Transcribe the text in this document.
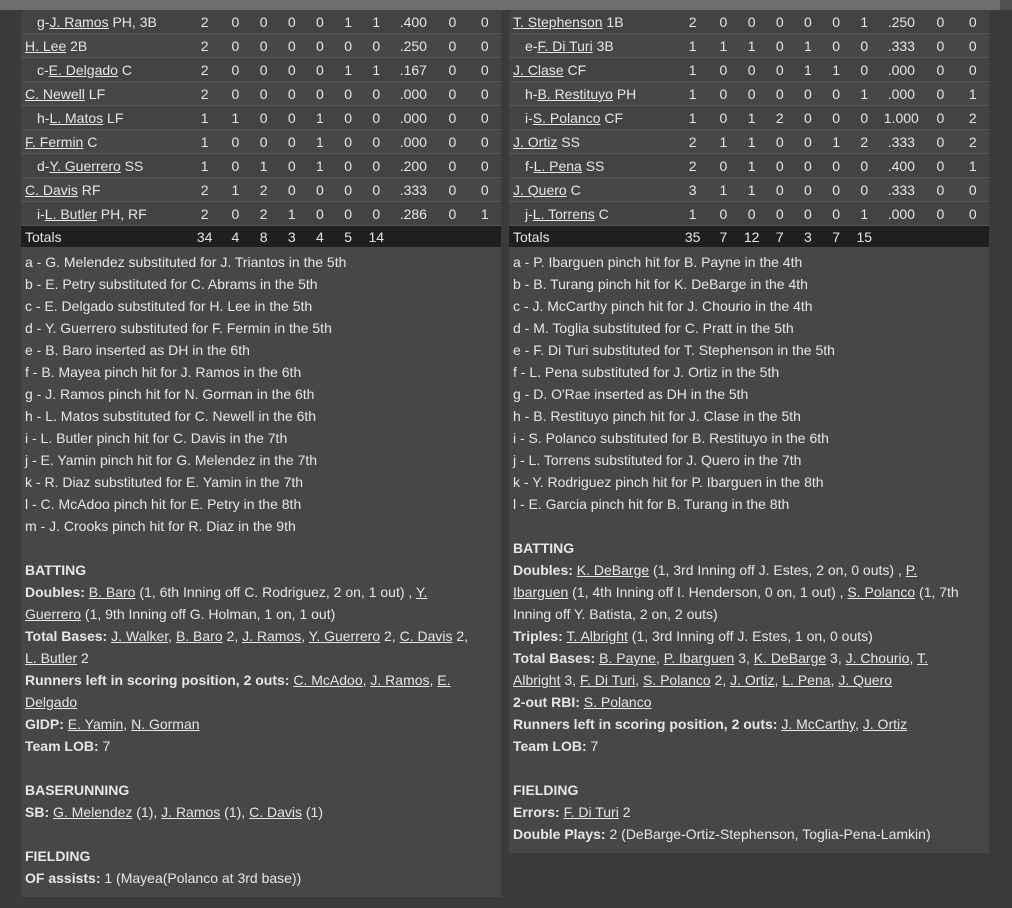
g-J. Ramos PH, 3B	2	0	0	0	0	1	1	.400	0	0
H. Lee 2B	2	0	0	0	0	0	0	.250	0	0
c-E. Delgado C	2	0	0	0	0	1	1	.167	0	0
C. Newell LF	2	0	0	0	0	0	0	.000	0	0
h-L. Matos LF	1	1	0	0	1	0	0	.000	0	0
F. Fermin C	1	0	0	0	1	0	0	.000	0	0
d-Y. Guerrero SS	1	0	1	0	1	0	0	.200	0	0
C. Davis RF	2	1	2	0	0	0	0	.333	0	0
i-L. Butler PH, RF	2	0	2	1	0	0	0	.286	0	1
Totals	34	4	8	3	4	5	14			
a - G. Melendez substituted for J. Triantos in the 5th
b - E. Petry substituted for C. Abrams in the 5th
c - E. Delgado substituted for H. Lee in the 5th
d - Y. Guerrero substituted for F. Fermin in the 5th
e - B. Baro inserted as DH in the 6th
f - B. Mayea pinch hit for J. Ramos in the 6th
g - J. Ramos pinch hit for N. Gorman in the 6th
h - L. Matos substituted for C. Newell in the 6th
i - L. Butler pinch hit for C. Davis in the 7th
j - E. Yamin pinch hit for G. Melendez in the 7th
k - R. Diaz substituted for E. Yamin in the 7th
l - C. McAdoo pinch hit for E. Petry in the 8th
m - J. Crooks pinch hit for R. Diaz in the 9th
BATTING
Doubles: B. Baro (1, 6th Inning off C. Rodriguez, 2 on, 1 out) , Y.
Guerrero (1, 9th Inning off G. Holman, 1 on, 1 out)
Total Bases: J. Walker, B. Baro 2, J. Ramos, Y. Guerrero 2, C. Davis 2,
L. Butler 2
Runners left in scoring position, 2 outs: C. McAdoo, J. Ramos, E.
Delgado
GIDP: E. Yamin, N. Gorman
Team LOB: 7
BASERUNNING
SB: G. Melendez (1), J. Ramos (1), C. Davis (1)
FIELDING
OF assists: 1 (Mayea(Polanco at 3rd base))
T. Stephenson 1B	2	0	0	0	0	0	1	.250	0	0
e-F. Di Turi 3B	1	1	1	0	1	0	0	.333	0	0
J. Clase CF	1	0	0	0	1	1	0	.000	0	0
h-B. Restituyo PH	1	0	0	0	0	0	1	.000	0	1
i-S. Polanco CF	1	0	1	2	0	0	0	1.000	0	2
J. Ortiz SS	2	1	1	0	0	1	2	.333	0	2
f-L. Pena SS	2	0	1	0	0	0	0	.400	0	1
J. Quero C	3	1	1	0	0	0	0	.333	0	0
j-L. Torrens C	1	0	0	0	0	0	1	.000	0	0
Totals	35	7	12	7	3	7	15			
a - P. Ibarguen pinch hit for B. Payne in the 4th
b - B. Turang pinch hit for K. DeBarge in the 4th
c - J. McCarthy pinch hit for J. Chourio in the 4th
d - M. Toglia substituted for C. Pratt in the 5th
e - F. Di Turi substituted for T. Stephenson in the 5th
f - L. Pena substituted for J. Ortiz in the 5th
g - D. O'Rae inserted as DH in the 5th
h - B. Restituyo pinch hit for J. Clase in the 5th
i - S. Polanco substituted for B. Restituyo in the 6th
j - L. Torrens substituted for J. Quero in the 7th
k - Y. Rodriguez pinch hit for P. Ibarguen in the 8th
l - E. Garcia pinch hit for B. Turang in the 8th
BATTING
Doubles: K. DeBarge (1, 3rd Inning off J. Estes, 2 on, 0 outs) , P.
Ibarguen (1, 4th Inning off I. Henderson, 0 on, 1 out) , S. Polanco (1, 7th
Inning off Y. Batista, 2 on, 2 outs)
Triples: T. Albright (1, 3rd Inning off J. Estes, 1 on, 0 outs)
Total Bases: B. Payne, P. Ibarguen 3, K. DeBarge 3, J. Chourio, T.
Albright 3, F. Di Turi, S. Polanco 2, J. Ortiz, L. Pena, J. Quero
2-out RBI: S. Polanco
Runners left in scoring position, 2 outs: J. McCarthy, J. Ortiz
Team LOB: 7
FIELDING
Errors: F. Di Turi 2
Double Plays: 2 (DeBarge-Ortiz-Stephenson, Toglia-Pena-Lamkin)
